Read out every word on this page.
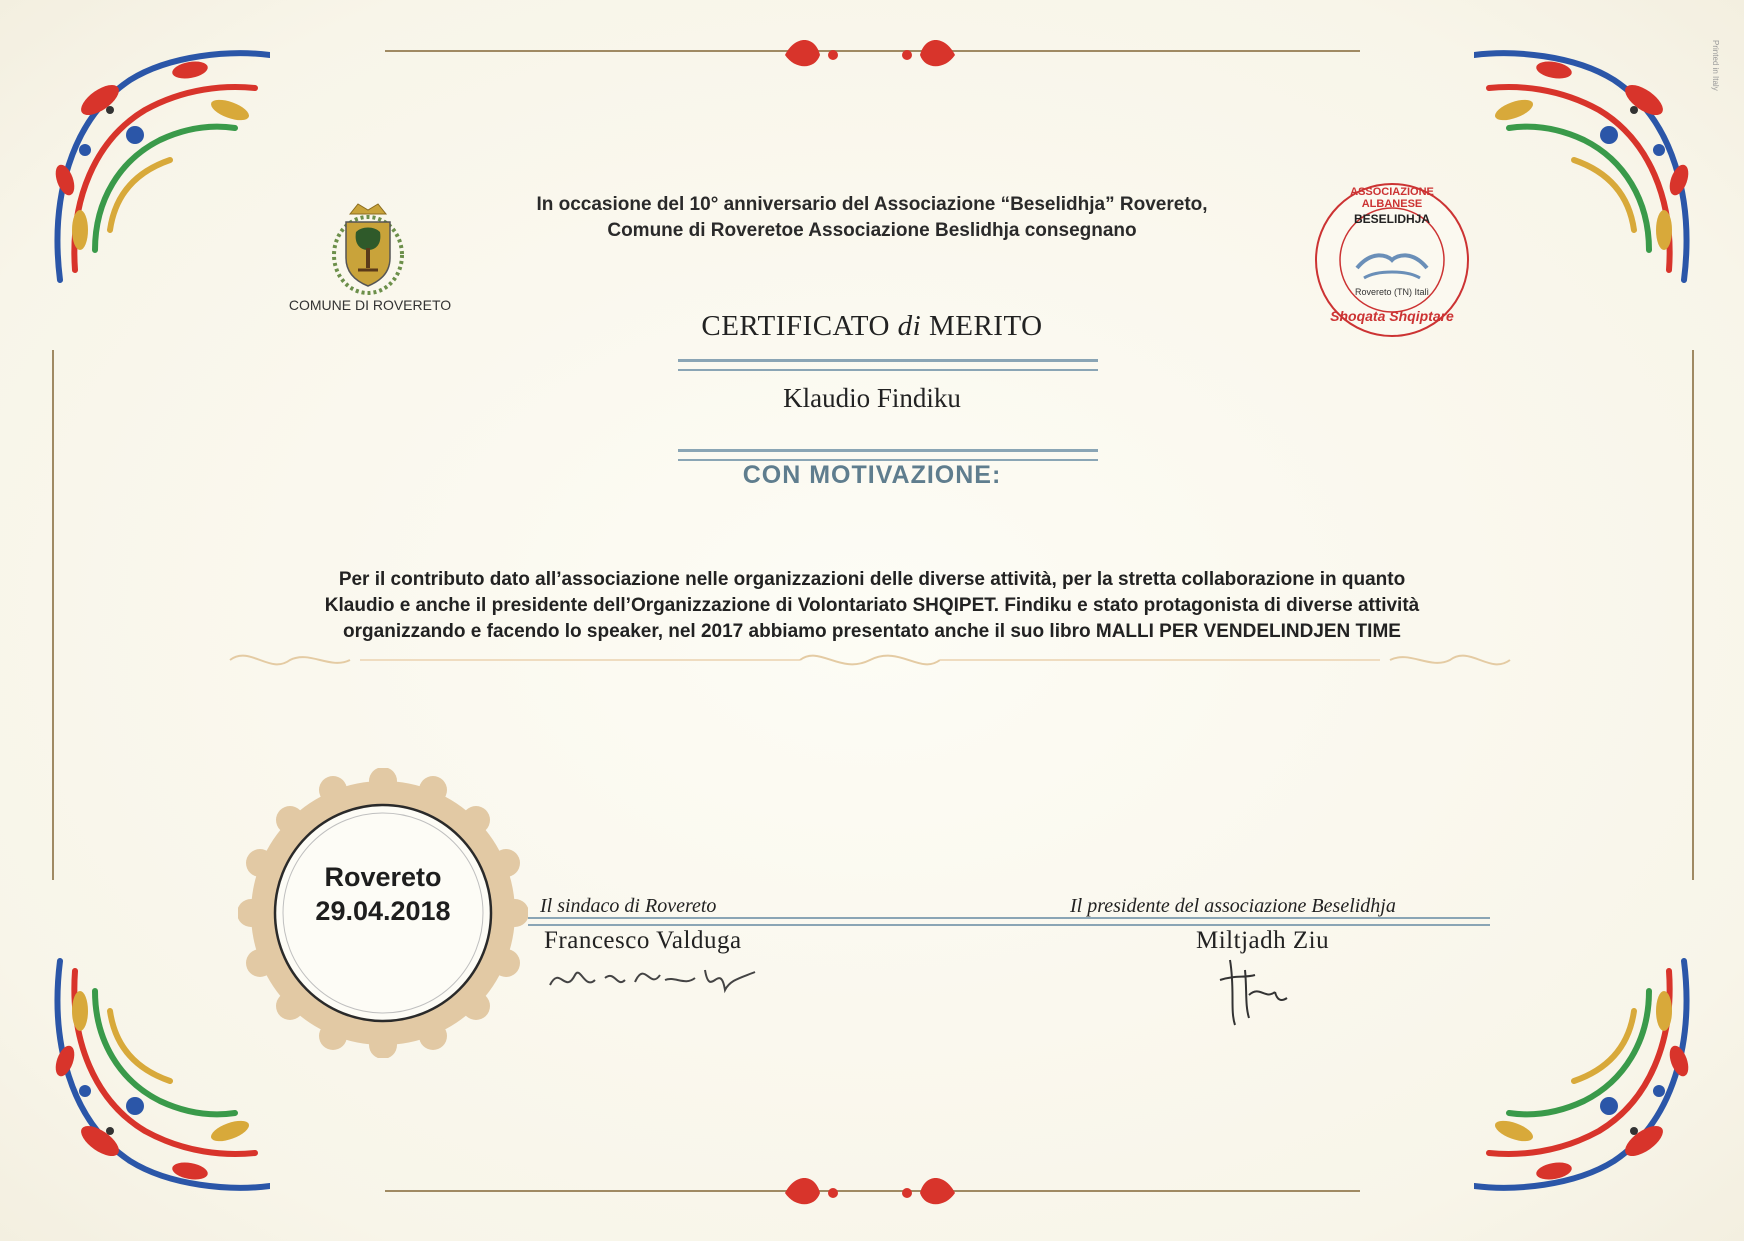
Printed in Italy
COMUNE DI ROVERETO
BESELIDHJA
ASSOCIAZIONE ALBANESE
Rovereto (TN) Italì
Shoqata Shqiptare
In occasione del 10° anniversario del Associazione “Beselidhja” Rovereto,
Comune di Roveretoe Associazione Beslidhja consegnano
CERTIFICATO di MERITO
Klaudio Findiku
CON MOTIVAZIONE:
Per il contributo dato all’associazione nelle organizzazioni delle diverse attività, per la stretta collaborazione in quanto
Klaudio e anche il presidente dell’Organizzazione di Volontariato SHQIPET. Findiku e stato protagonista di diverse attività
organizzando e facendo lo speaker, nel 2017 abbiamo presentato anche il suo libro MALLI PER VENDELINDJEN TIME
Rovereto
29.04.2018	Il sindaco di Rovereto	Il presidente del associazione Beselidhja
Francesco Valduga	Miltjadh Ziu
